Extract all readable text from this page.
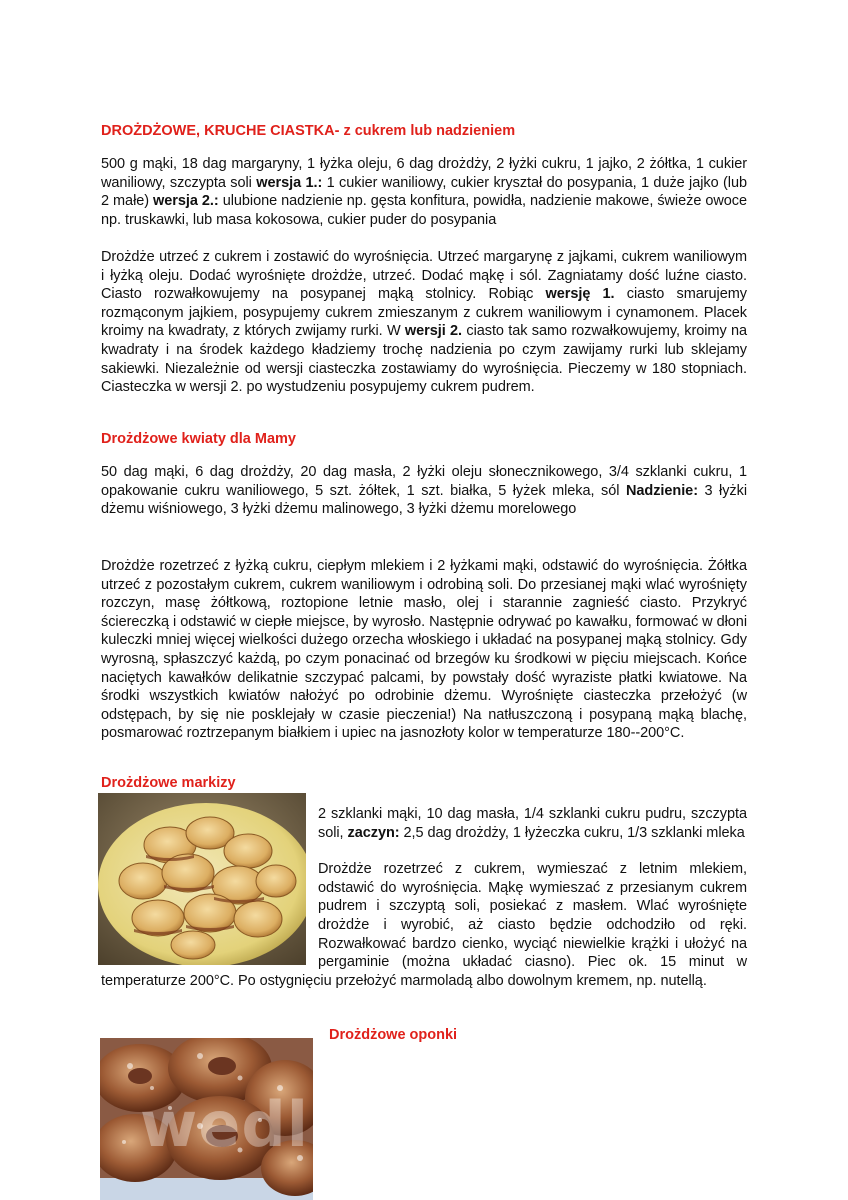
DROŻDŻOWE, KRUCHE CIASTKA- z cukrem lub nadzieniem

500 g mąki, 18 dag margaryny, 1 łyżka oleju, 6 dag drożdży, 2 łyżki cukru, 1 jajko, 2 żółtka, 1 cukier waniliowy, szczypta soli wersja 1.: 1 cukier waniliowy, cukier kryształ do posypania, 1 duże jajko (lub 2 małe) wersja 2.: ulubione nadzienie np. gęsta konfitura, powidła, nadzienie makowe, świeże owoce np. truskawki, lub masa kokosowa, cukier puder do posypania

Drożdże utrzeć z cukrem i zostawić do wyrośnięcia. Utrzeć margarynę z jajkami, cukrem waniliowym i łyżką oleju. Dodać wyrośnięte drożdże, utrzeć. Dodać mąkę i sól. Zagniatamy dość luźne ciasto. Ciasto rozwałkowujemy na posypanej mąką stolnicy. Robiąc wersję 1. ciasto smarujemy rozmąconym jajkiem, posypujemy cukrem zmieszanym z cukrem waniliowym i cynamonem. Placek kroimy na kwadraty, z których zwijamy rurki. W wersji 2. ciasto tak samo rozwałkowujemy, kroimy na kwadraty i na środek każdego kładziemy trochę nadzienia po czym zawijamy rurki lub sklejamy sakiewki. Niezależnie od wersji ciasteczka zostawiamy do wyrośnięcia. Pieczemy w 180 stopniach. Ciasteczka w wersji 2. po wystudzeniu posypujemy cukrem pudrem.

Drożdżowe kwiaty dla Mamy

50 dag mąki, 6 dag drożdży, 20 dag masła, 2 łyżki oleju słonecznikowego, 3/4 szklanki cukru, 1 opakowanie cukru waniliowego, 5 szt. żółtek, 1 szt. białka, 5 łyżek mleka, sól Nadzienie: 3 łyżki dżemu wiśniowego, 3 łyżki dżemu malinowego, 3 łyżki dżemu morelowego

Drożdże rozetrzeć z łyżką cukru, ciepłym mlekiem i 2 łyżkami mąki, odstawić do wyrośnięcia. Żółtka utrzeć z pozostałym cukrem, cukrem waniliowym i odrobiną soli. Do przesianej mąki wlać wyrośnięty rozczyn, masę żółtkową, roztopione letnie masło, olej i starannie zagnieść ciasto. Przykryć ściereczką i odstawić w ciepłe miejsce, by wyrosło. Następnie odrywać po kawałku, formować w dłoni kuleczki mniej więcej wielkości dużego orzecha włoskiego i układać na posypanej mąką stolnicy. Gdy wyrosną, spłaszczyć każdą, po czym ponacinać od brzegów ku środkowi w pięciu miejscach. Końce naciętych kawałków delikatnie szczypać palcami, by powstały dość wyraziste płatki kwiatowe. Na środki wszystkich kwiatów nałożyć po odrobinie dżemu. Wyrośnięte ciasteczka przełożyć (w odstępach, by się nie posklejały w czasie pieczenia!) Na natłuszczoną i posypaną mąką blachę, posmarować roztrzepanym białkiem i upiec na jasnozłoty kolor w temperaturze 180--200°C.

Drożdżowe markizy

2 szklanki mąki, 10 dag masła, 1/4 szklanki cukru pudru, szczypta soli, zaczyn: 2,5 dag drożdży, 1 łyżeczka cukru, 1/3 szklanki mleka

Drożdże rozetrzeć z cukrem, wymieszać z letnim mlekiem, odstawić do wyrośnięcia. Mąkę wymieszać z przesianym cukrem pudrem i szczyptą soli, posiekać z masłem. Wlać wyrośnięte drożdże i wyrobić, aż ciasto będzie odchodziło od ręki. Rozwałkować bardzo cienko, wyciąć niewielkie krążki i ułożyć na pergaminie (można układać ciasno). Piec ok. 15 minut w temperaturze 200°C. Po ostygnięciu przełożyć marmoladą albo dowolnym kremem, np. nutellą.

Drożdżowe oponki
wedlinydomowe.pl
